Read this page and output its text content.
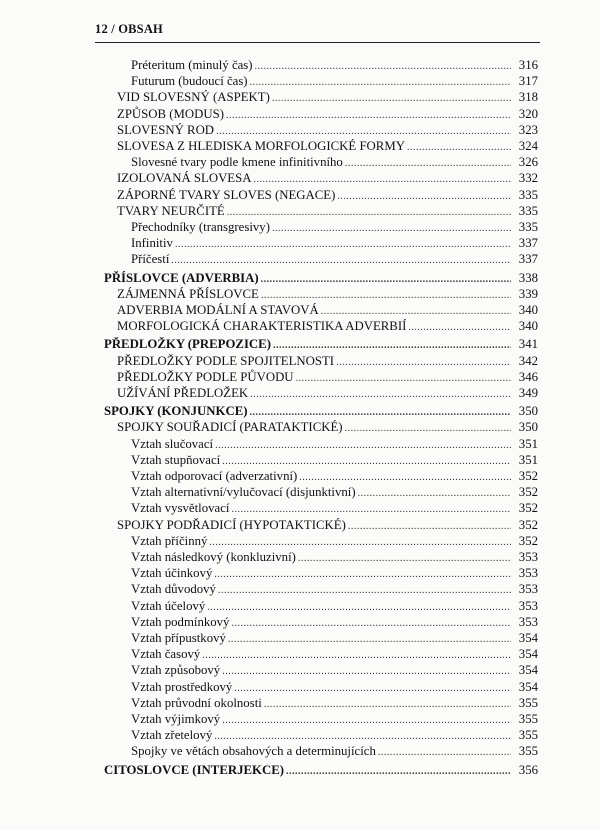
12 / OBSAH
Préteritum (minulý čas) .....	316
Futurum (budoucí čas) .....	317
VID SLOVESNÝ (ASPEKT) .....	318
ZPŮSOB (MODUS) .....	320
SLOVESNÝ ROD .....	323
SLOVESA Z HLEDISKA MORFOLOGICKÉ FORMY .....	324
Slovesné tvary podle kmene infinitivního .....	326
IZOLOVANÁ SLOVESA .....	332
ZÁPORNÉ TVARY SLOVES (NEGACE) .....	335
TVARY NEURČITÉ .....	335
Přechodníky (transgresivy) .....	335
Infinitiv .....	337
Příčestí .....	337
PŘÍSLOVCE (ADVERBIA) .....	338
ZÁJMENNÁ PŘÍSLOVCE .....	339
ADVERBIA MODÁLNÍ A STAVOVÁ .....	340
MORFOLOGICKÁ CHARAKTERISTIKA ADVERBIÍ .....	340
PŘEDLOŽKY (PREPOZICE) .....	341
PŘEDLOŽKY PODLE SPOJITELNOSTI .....	342
PŘEDLOŽKY PODLE PŮVODU .....	346
UŽÍVÁNÍ PŘEDLOŽEK .....	349
SPOJKY (KONJUNKCE) .....	350
SPOJKY SOUŘADICÍ (PARATAKTICKÉ) .....	350
Vztah slučovací .....	351
Vztah stupňovací .....	351
Vztah odporovací (adverzativní) .....	352
Vztah alternativní/vylučovací (disjunktivní) .....	352
Vztah vysvětlovací .....	352
SPOJKY PODŘADICÍ (HYPOTAKTICKÉ) .....	352
Vztah příčinný .....	352
Vztah následkový (konkluzivní) .....	353
Vztah účinkový .....	353
Vztah důvodový .....	353
Vztah účelový .....	353
Vztah podmínkový .....	353
Vztah přípustkový .....	354
Vztah časový .....	354
Vztah způsobový .....	354
Vztah prostředkový .....	354
Vztah průvodní okolnosti .....	355
Vztah výjimkový .....	355
Vztah zřetelový .....	355
Spojky ve větách obsahových a determinujících .....	355
CITOSLOVCE (INTERJEKCE) .....	356
